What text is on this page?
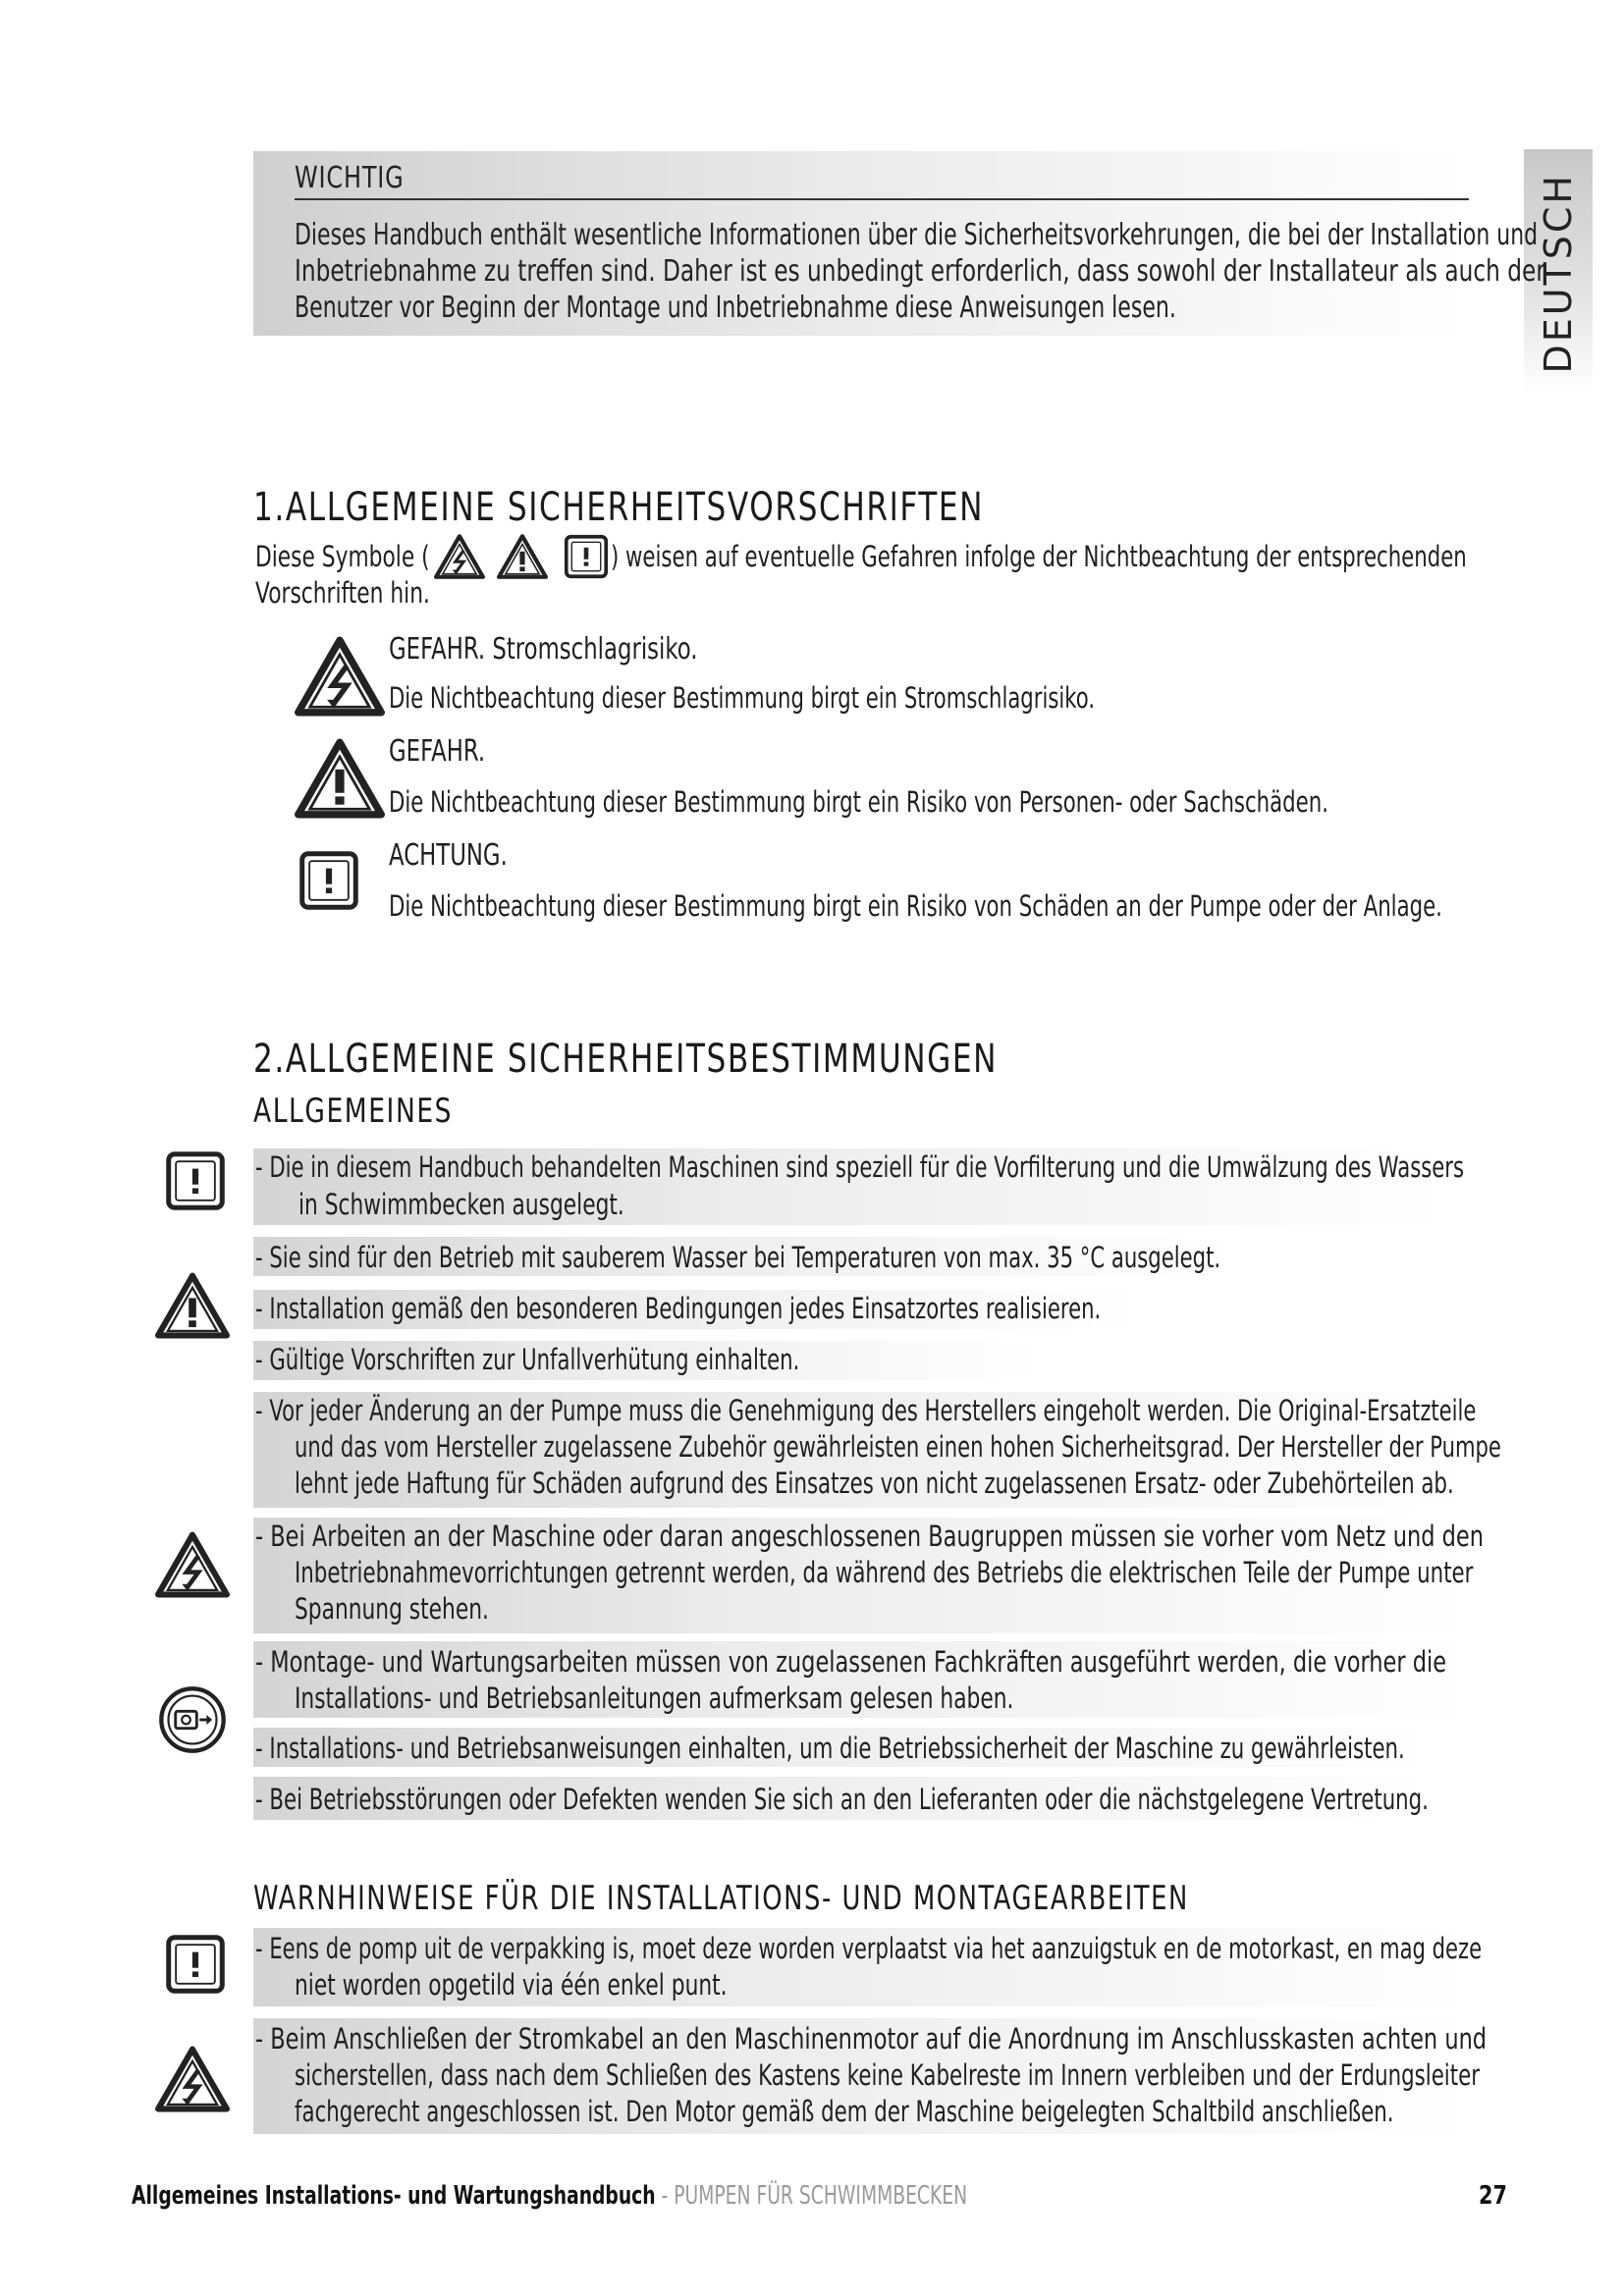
DEUTSCH
WICHTIG
Dieses Handbuch enthält wesentliche Informationen über die Sicherheitsvorkehrungen, die bei der Installation und
Inbetriebnahme zu treffen sind. Daher ist es unbedingt erforderlich, dass sowohl der Installateur als auch der
Benutzer vor Beginn der Montage und Inbetriebnahme diese Anweisungen lesen.
1.ALLGEMEINE SICHERHEITSVORSCHRIFTEN
Diese Symbole (	) weisen auf eventuelle Gefahren infolge der Nichtbeachtung der entsprechenden
Vorschriften hin.
GEFAHR. Stromschlagrisiko.
Die Nichtbeachtung dieser Bestimmung birgt ein Stromschlagrisiko.
GEFAHR.
Die Nichtbeachtung dieser Bestimmung birgt ein Risiko von Personen- oder Sachschäden.
ACHTUNG.
Die Nichtbeachtung dieser Bestimmung birgt ein Risiko von Schäden an der Pumpe oder der Anlage.
2.ALLGEMEINE SICHERHEITSBESTIMMUNGEN
ALLGEMEINES
- Die in diesem Handbuch behandelten Maschinen sind speziell für die Vorfilterung und die Umwälzung des Wassers
in Schwimmbecken ausgelegt.
- Sie sind für den Betrieb mit sauberem Wasser bei Temperaturen von max. 35 °C ausgelegt.
- Installation gemäß den besonderen Bedingungen jedes Einsatzortes realisieren.
- Gültige Vorschriften zur Unfallverhütung einhalten.
- Vor jeder Änderung an der Pumpe muss die Genehmigung des Herstellers eingeholt werden. Die Original-Ersatzteile
und das vom Hersteller zugelassene Zubehör gewährleisten einen hohen Sicherheitsgrad. Der Hersteller der Pumpe
lehnt jede Haftung für Schäden aufgrund des Einsatzes von nicht zugelassenen Ersatz- oder Zubehörteilen ab.
- Bei Arbeiten an der Maschine oder daran angeschlossenen Baugruppen müssen sie vorher vom Netz und den
Inbetriebnahmevorrichtungen getrennt werden, da während des Betriebs die elektrischen Teile der Pumpe unter
Spannung stehen.
- Montage- und Wartungsarbeiten müssen von zugelassenen Fachkräften ausgeführt werden, die vorher die
Installations- und Betriebsanleitungen aufmerksam gelesen haben.
- Installations- und Betriebsanweisungen einhalten, um die Betriebssicherheit der Maschine zu gewährleisten.
- Bei Betriebsstörungen oder Defekten wenden Sie sich an den Lieferanten oder die nächstgelegene Vertretung.
WARNHINWEISE FÜR DIE INSTALLATIONS- UND MONTAGEARBEITEN
- Eens de pomp uit de verpakking is, moet deze worden verplaatst via het aanzuigstuk en de motorkast, en mag deze
niet worden opgetild via één enkel punt.
- Beim Anschließen der Stromkabel an den Maschinenmotor auf die Anordnung im Anschlusskasten achten und
sicherstellen, dass nach dem Schließen des Kastens keine Kabelreste im Innern verbleiben und der Erdungsleiter
fachgerecht angeschlossen ist. Den Motor gemäß dem der Maschine beigelegten Schaltbild anschließen.
Allgemeines Installations- und Wartungshandbuch - PUMPEN FÜR SCHWIMMBECKEN	27
